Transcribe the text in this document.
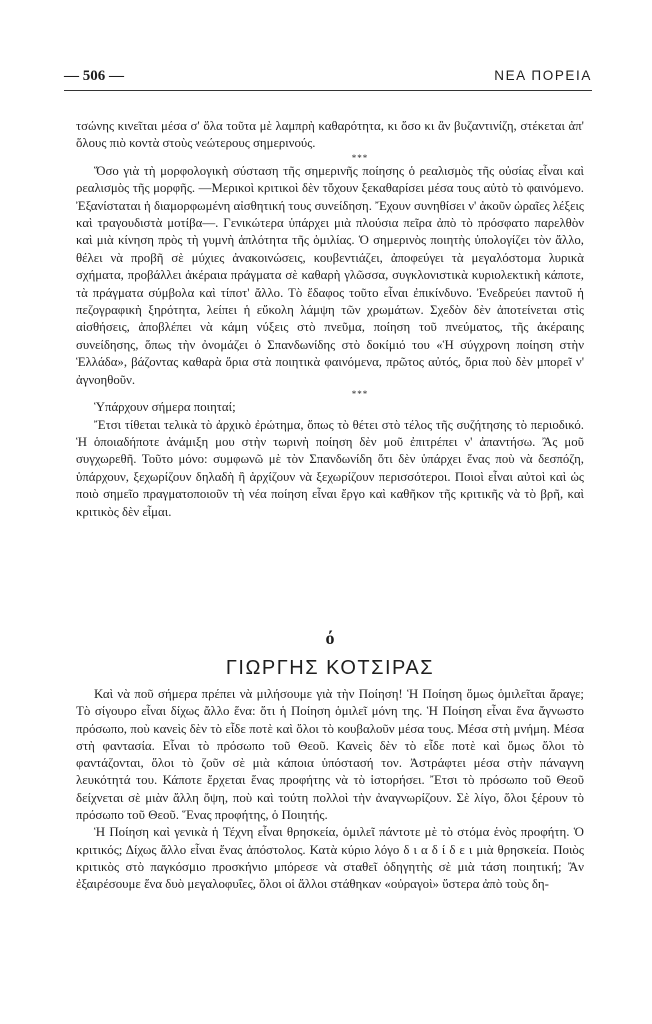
— 506 —	ΝΕΑ ΠΟΡΕΙΑ

τσώνης κινεῖται μέσα σ' ὅλα τοῦτα μὲ λαμπρὴ καθαρότητα, κι ὅσο κι ἂν βυζαντινίζη, στέκεται ἀπ' ὅλους πιὸ κοντὰ στοὺς νεώτερους σημερινούς.

***

Ὅσο γιὰ τὴ μορφολογικὴ σύσταση τῆς σημερινῆς ποίησης ὁ ρεαλισμὸς τῆς οὐσίας εἶναι καὶ ρεαλισμὸς τῆς μορφῆς. —Μερικοὶ κριτικοὶ δὲν τὄχουν ξεκαθαρίσει μέσα τους αὐτὸ τὸ φαινόμενο. Ἐξανίσταται ἡ διαμορφωμένη αἰσθητική τους συνείδηση. Ἔχουν συνηθίσει ν' ἀκοῦν ὡραῖες λέξεις καὶ τραγουδιστὰ μοτίβα—. Γενικώτερα ὑπάρχει μιὰ πλούσια πεῖρα ἀπὸ τὸ πρόσφατο παρελθὸν καὶ μιὰ κίνηση πρὸς τὴ γυμνὴ ἁπλότητα τῆς ὁμιλίας. Ὁ σημερινὸς ποιητὴς ὑπολογίζει τὸν ἄλλο, θέλει νὰ προβῆ σὲ μύχιες ἀνακοινώσεις, κουβεντιάζει, ἀποφεύγει τὰ μεγαλόστομα λυρικὰ σχήματα, προβάλλει ἀκέραια πράγματα σὲ καθαρὴ γλῶσσα, συγκλονιστικὰ κυριολεκτικὴ κάποτε, τὰ πράγματα σύμβολα καὶ τίποτ' ἄλλο. Τὸ ἔδαφος τοῦτο εἶναι ἐπικίνδυνο. Ἐνεδρεύει παντοῦ ἡ πεζογραφικὴ ξηρότητα, λείπει ἡ εὔκολη λάμψη τῶν χρωμάτων. Σχεδὸν δὲν ἀποτείνεται στὶς αἰσθήσεις, ἀποβλέπει νὰ κάμη νύξεις στὸ πνεῦμα, ποίηση τοῦ πνεύματος, τῆς ἀκέραιης συνείδησης, ὅπως τὴν ὀνομάζει ὁ Σπανδωνίδης στὸ δοκίμιό του «Ἡ σύγχρονη ποίηση στὴν Ἑλλάδα», βάζοντας καθαρὰ ὅρια στὰ ποιητικὰ φαινόμενα, πρῶτος αὐτός, ὅρια ποὺ δὲν μπορεῖ ν' ἀγνοηθοῦν.

***

Ὑπάρχουν σήμερα ποιηταί;

Ἔτσι τίθεται τελικὰ τὸ ἀρχικὸ ἐρώτημα, ὅπως τὸ θέτει στὸ τέλος τῆς συζήτησης τὸ περιοδικό. Ἡ ὁποιαδήποτε ἀνάμιξη μου στὴν τωρινὴ ποίηση δὲν μοῦ ἐπιτρέπει ν' ἀπαντήσω. Ἂς μοῦ συγχωρεθῆ. Τοῦτο μόνο: συμφωνῶ μὲ τὸν Σπανδωνίδη ὅτι δὲν ὑπάρχει ἕνας ποὺ νὰ δεσπόζη, ὑπάρχουν, ξεχωρίζουν δηλαδὴ ἢ ἀρχίζουν νὰ ξεχωρίζουν περισσότεροι. Ποιοὶ εἶναι αὐτοὶ καὶ ὡς ποιὸ σημεῖο πραγματοποιοῦν τὴ νέα ποίηση εἶναι ἔργο καὶ καθῆκον τῆς κριτικῆς νὰ τὸ βρῆ, καὶ κριτικὸς δὲν εἶμαι.

ό
ΓΙΩΡΓΗΣ ΚΟΤΣΙΡΑΣ

Καὶ νὰ ποῦ σήμερα πρέπει νὰ μιλήσουμε γιὰ τὴν Ποίηση! Ἡ Ποίηση ὅμως ὁμιλεῖται ἄραγε; Τὸ σίγουρο εἶναι δίχως ἄλλο ἕνα: ὅτι ἡ Ποίηση ὁμιλεῖ μόνη της. Ἡ Ποίηση εἶναι ἕνα ἄγνωστο πρόσωπο, ποὺ κανεὶς δὲν τὸ εἶδε ποτὲ καὶ ὅλοι τὸ κουβαλοῦν μέσα τους. Μέσα στὴ μνήμη. Μέσα στὴ φαντασία. Εἶναι τὸ πρόσωπο τοῦ Θεοῦ. Κανεὶς δὲν τὸ εἶδε ποτὲ καὶ ὅμως ὅλοι τὸ φαντάζονται, ὅλοι τὸ ζοῦν σὲ μιὰ κάποια ὑπόστασή τον. Ἀστράφτει μέσα στὴν πάναγνη λευκότητά του. Κάποτε ἔρχεται ἕνας προφήτης νὰ τὸ ἱστορήσει. Ἔτσι τὸ πρόσωπο τοῦ Θεοῦ δείχνεται σὲ μιὰν ἄλλη ὄψη, ποὺ καὶ τούτη πολλοὶ τὴν ἀναγνωρίζουν. Σὲ λίγο, ὅλοι ξέρουν τὸ πρόσωπο τοῦ Θεοῦ. Ἕνας προφήτης, ὁ Ποιητής.

Ἡ Ποίηση καὶ γενικὰ ἡ Τέχνη εἶναι θρησκεία, ὁμιλεῖ πάντοτε μὲ τὸ στόμα ἑνὸς προφήτη. Ὁ κριτικός; Δίχως ἄλλο εἶναι ἕνας ἀπόστολος. Κατὰ κύριο λόγο δ ι α δ ί δ ε ι μιὰ θρησκεία. Ποιὸς κριτικὸς στὸ παγκόσμιο προσκήνιο μπόρεσε νὰ σταθεῖ ὁδηγητὴς σὲ μιὰ τάση ποιητική; Ἂν ἐξαιρέσουμε ἕνα δυὸ μεγαλοφυΐες, ὅλοι οἱ ἄλλοι στάθηκαν «οὐραγοὶ» ὕστερα ἀπὸ τοὺς δη-
